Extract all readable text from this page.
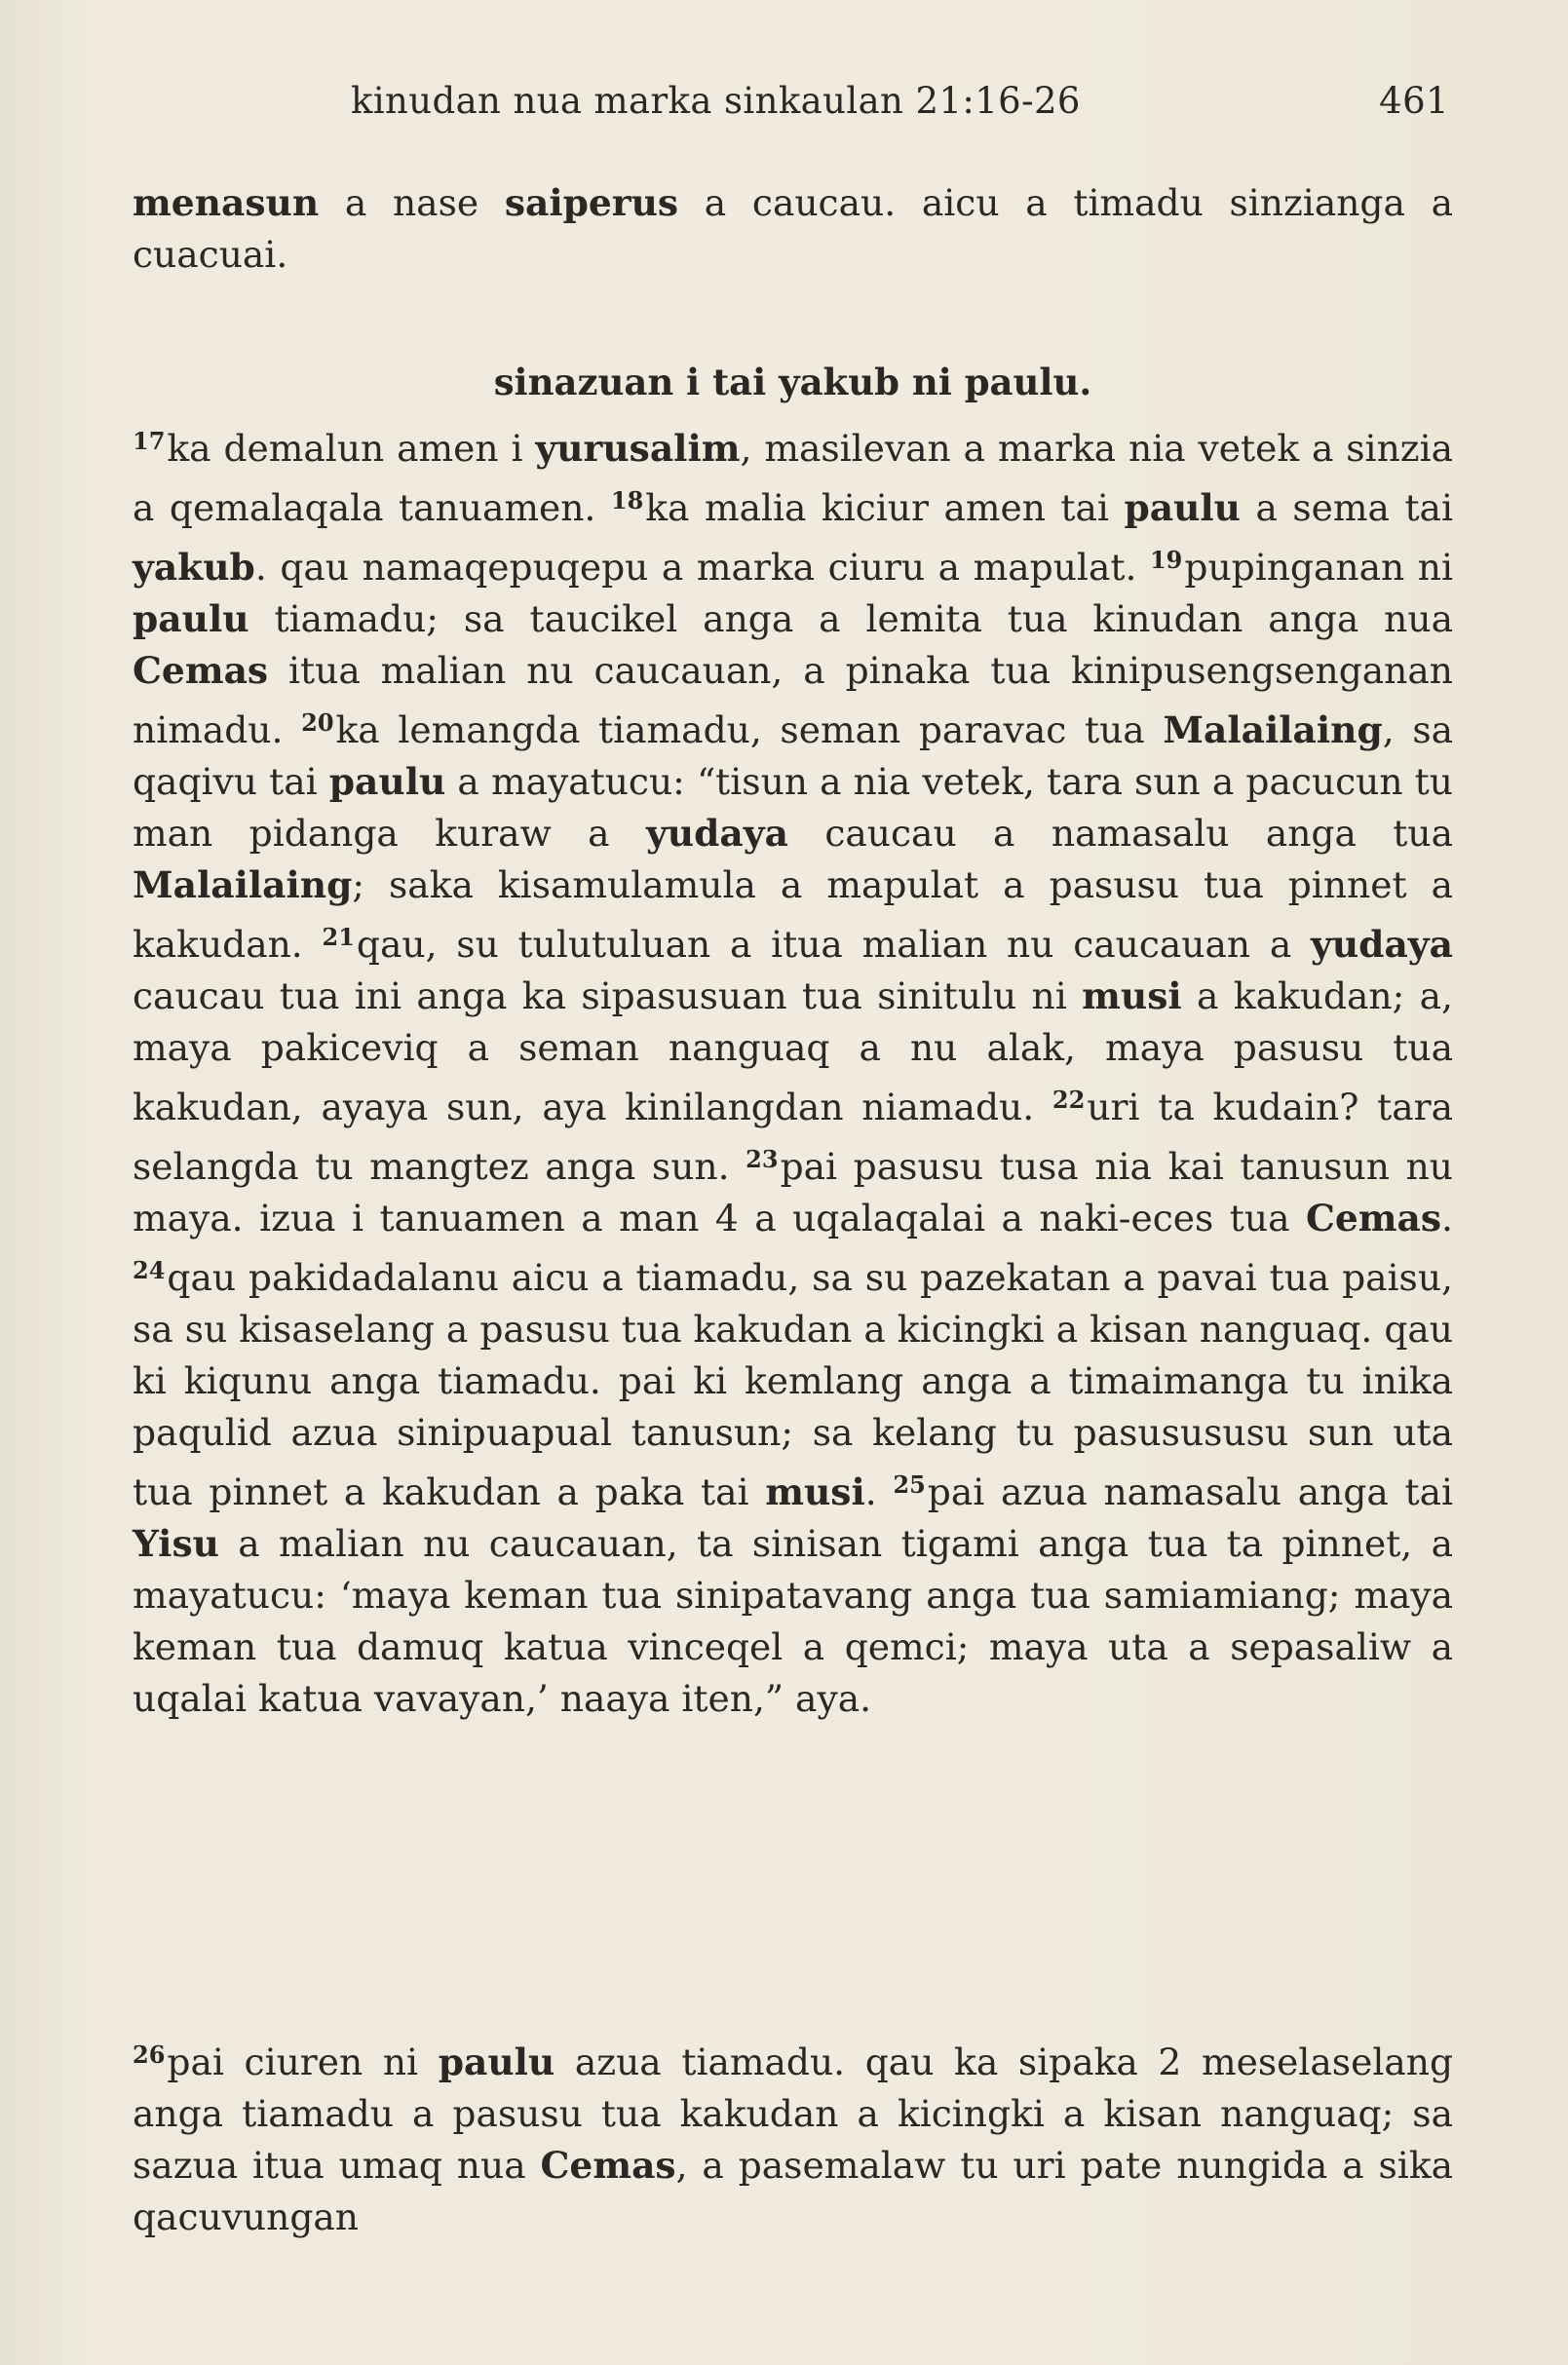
kinudan nua marka sinkaulan 21:16-26	461

menasun a nase saiperus a caucau. aicu a timadu sinzianga a cuacuai.

sinazuan i tai yakub ni paulu.

$^{17}$ka demalun amen i yurusalim, masilevan a marka nia vetek a sinzia a qemalaqala tanuamen. $^{18}$ka malia kiciur amen tai paulu a sema tai yakub. qau namaqepuqepu a marka ciuru a mapulat. $^{19}$pupinganan ni paulu tiamadu; sa taucikel anga a lemita tua kinudan anga nua Cemas itua malian nu caucauan, a pinaka tua kinipusengsenganan nimadu. $^{20}$ka lemangda tiamadu, seman paravac tua Malailaing, sa qaqivu tai paulu a mayatucu: “tisun a nia vetek, tara sun a pacucun tu man pidanga kuraw a yudaya caucau a namasalu anga tua Malailaing; saka kisamulamula a mapulat a pasusu tua pinnet a kakudan. $^{21}$qau, su tulutuluan a itua malian nu caucauan a yudaya caucau tua ini anga ka sipasusuan tua sinitulu ni musi a kakudan; a, maya pakiceviq a seman nanguaq a nu alak, maya pasusu tua kakudan, ayaya sun, aya kinilangdan niamadu. $^{22}$uri ta kudain? tara selangda tu mangtez anga sun. $^{23}$pai pasusu tusa nia kai tanusun nu maya. izua i tanuamen a man 4 a uqalaqalai a naki-eces tua Cemas. $^{24}$qau pakidadalanu aicu a tiamadu, sa su pazekatan a pavai tua paisu, sa su kisaselang a pasusu tua kakudan a kicingki a kisan nanguaq. qau ki kiqunu anga tiamadu. pai ki kemlang anga a timaimanga tu inika paqulid azua sinipuapual tanusun; sa kelang tu pasusususu sun uta tua pinnet a kakudan a paka tai musi. $^{25}$pai azua namasalu anga tai Yisu a malian nu caucauan, ta sinisan tigami anga tua ta pinnet, a mayatucu: ‘maya keman tua sinipatavang anga tua samiamiang; maya keman tua damuq katua vinceqel a qemci; maya uta a sepasaliw a uqalai katua vavayan,’ naaya iten,” aya.

$^{26}$pai ciuren ni paulu azua tiamadu. qau ka sipaka 2 meselaselang anga tiamadu a pasusu tua kakudan a kicingki a kisan nanguaq; sa sazua itua umaq nua Cemas, a pasemalaw tu uri pate nungida a sika qacuvungan
